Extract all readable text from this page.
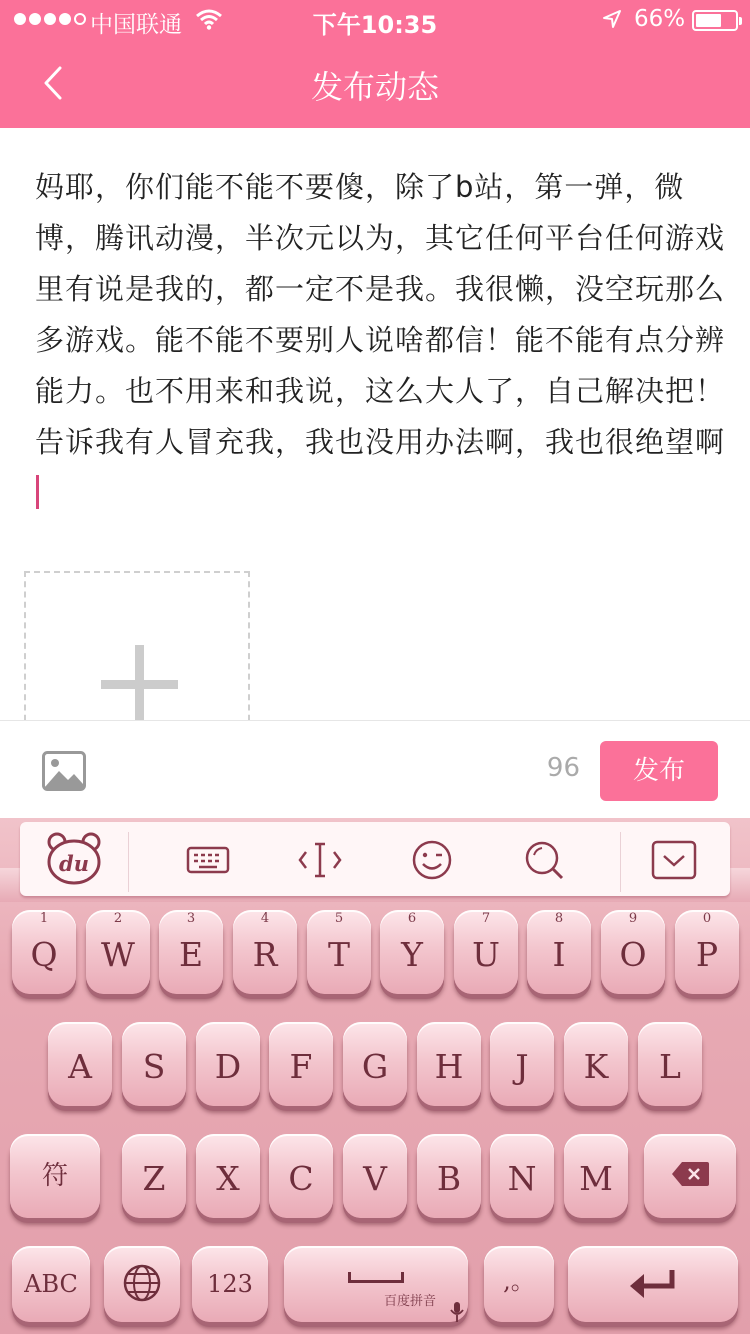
中国联通	下午10:35	66%
发布动态
妈耶，你们能不能不要傻，除了b站，第一弹，微博，腾讯动漫，半次元以为，其它任何平台任何游戏里有说是我的，都一定不是我。我很懒，没空玩那么多游戏。能不能不要别人说啥都信！能不能有点分辨能力。也不用来和我说，这么大人了，自己解决把！告诉我有人冒充我，我也没用办法啊，我也很绝望啊
96	发布
du
1
Q
2
W
3
E
4
R
5
T
6
Y
7
U
8
I
9
O
0
P
A	S	D	F	G	H	J	K	L
符	Z	X	C	V	B	N	M
ABC	123
百度拼音
,。
